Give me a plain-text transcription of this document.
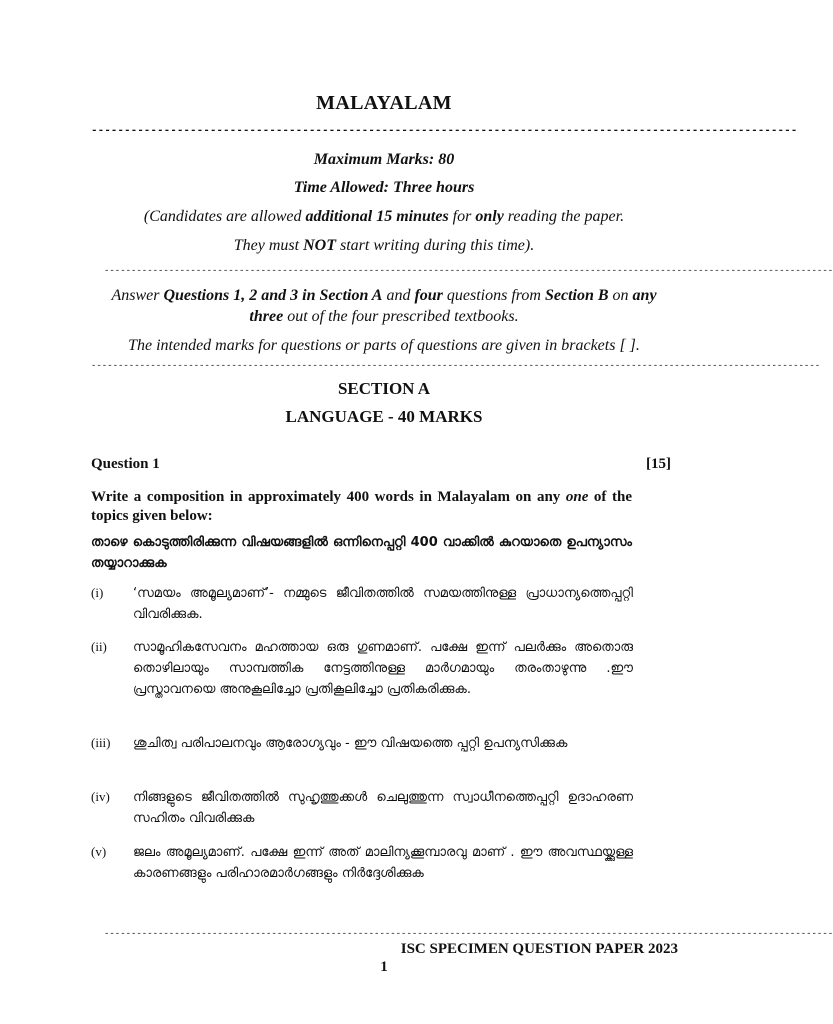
MALAYALAM
-----------------------------------------------------------------------------------------------------------
Maximum Marks: 80
Time Allowed: Three hours
(Candidates are allowed additional 15 minutes for only reading the paper.
They must NOT start writing during this time).
---------------------------------------------------------------------------------------------------------------------------------------
Answer Questions 1, 2 and 3 in Section A and four questions from Section B on any three out of the four prescribed textbooks.
The intended marks for questions or parts of questions are given in brackets [ ].
---------------------------------------------------------------------------------------------------------------------------------------
SECTION A
LANGUAGE - 40 MARKS
Question 1	[15]
Write a composition in approximately 400 words in Malayalam on any one of the topics given below:
താഴെ കൊടുത്തിരിക്കുന്ന വിഷയങ്ങളിൽ ഒന്നിനെപ്പറ്റി 400 വാക്കിൽ കുറയാതെ ഉപന്യാസം തയ്യാറാക്കുക
(i) ‘സമയം അമൂല്യമാണ്’- നമ്മുടെ ജീവിതത്തിൽ സമയത്തിനുള്ള പ്രാധാന്യത്തെപ്പറ്റി വിവരിക്കുക.
(ii) സാമൂഹികസേവനം മഹത്തായ ഒരു ഗുണമാണ്. പക്ഷേ ഇന്ന് പലർക്കും അതൊരു തൊഴിലായും സാമ്പത്തിക നേട്ടത്തിനുള്ള മാർഗമായും തരംതാഴുന്നു .ഈ പ്രസ്താവനയെ അനുകൂലിച്ചോ പ്രതികൂലിച്ചോ പ്രതികരിക്കുക.
(iii) ശുചിത്വ പരിപാലനവും ആരോഗ്യവും - ഈ വിഷയത്തെ പ്പറ്റി ഉപന്യസിക്കുക
(iv) നിങ്ങളുടെ ജീവിതത്തിൽ സുഹൃത്തുക്കൾ ചെലുത്തുന്ന സ്വാധീനത്തെപ്പറ്റി ഉദാഹരണ സഹിതം വിവരിക്കുക
(v) ജലം അമൂല്യമാണ്. പക്ഷേ ഇന്ന് അത് മാലിന്യക്കൂമ്പാരവു മാണ് . ഈ അവസ്ഥയ്ക്കുള്ള കാരണങ്ങളും പരിഹാരമാർഗങ്ങളും നിർദ്ദേശിക്കുക
---------------------------------------------------------------------------------------------------------------------------------------
ISC SPECIMEN QUESTION PAPER 2023
1
